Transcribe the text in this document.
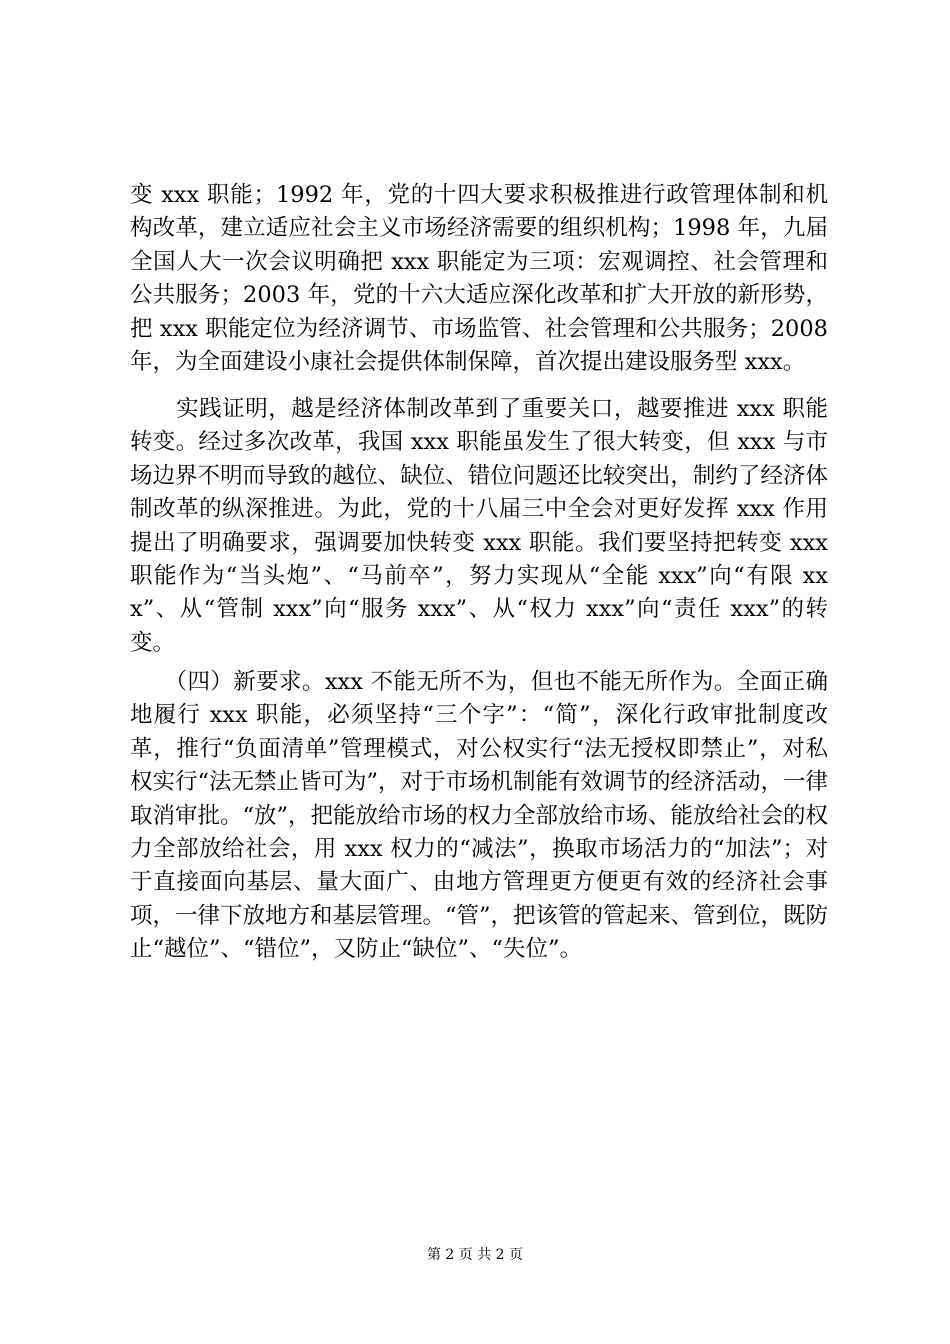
变 xxx 职能；1992 年，党的十四大要求积极推进行政管理体制和机构改革，建立适应社会主义市场经济需要的组织机构；1998 年，九届全国人大一次会议明确把 xxx 职能定为三项：宏观调控、社会管理和公共服务；2003 年，党的十六大适应深化改革和扩大开放的新形势，把 xxx 职能定位为经济调节、市场监管、社会管理和公共服务；2008 年，为全面建设小康社会提供体制保障，首次提出建设服务型 xxx。

　　实践证明，越是经济体制改革到了重要关口，越要推进 xxx 职能转变。经过多次改革，我国 xxx 职能虽发生了很大转变，但 xxx 与市场边界不明而导致的越位、缺位、错位问题还比较突出，制约了经济体制改革的纵深推进。为此，党的十八届三中全会对更好发挥 xxx 作用提出了明确要求，强调要加快转变 xxx 职能。我们要坚持把转变 xxx 职能作为“当头炮”、“马前卒”，努力实现从“全能 xxx”向“有限 xxx”、从“管制 xxx”向“服务 xxx”、从“权力 xxx”向“责任 xxx”的转变。

　　（四）新要求。xxx 不能无所不为，但也不能无所作为。全面正确地履行 xxx 职能，必须坚持“三个字”：“简”，深化行政审批制度改革，推行“负面清单”管理模式，对公权实行“法无授权即禁止”，对私权实行“法无禁止皆可为”，对于市场机制能有效调节的经济活动，一律取消审批。“放”，把能放给市场的权力全部放给市场、能放给社会的权力全部放给社会，用 xxx 权力的“减法”，换取市场活力的“加法”；对于直接面向基层、量大面广、由地方管理更方便更有效的经济社会事项，一律下放地方和基层管理。“管”，把该管的管起来、管到位，既防止“越位”、“错位”，又防止“缺位”、“失位”。

第 2 页 共 2 页
